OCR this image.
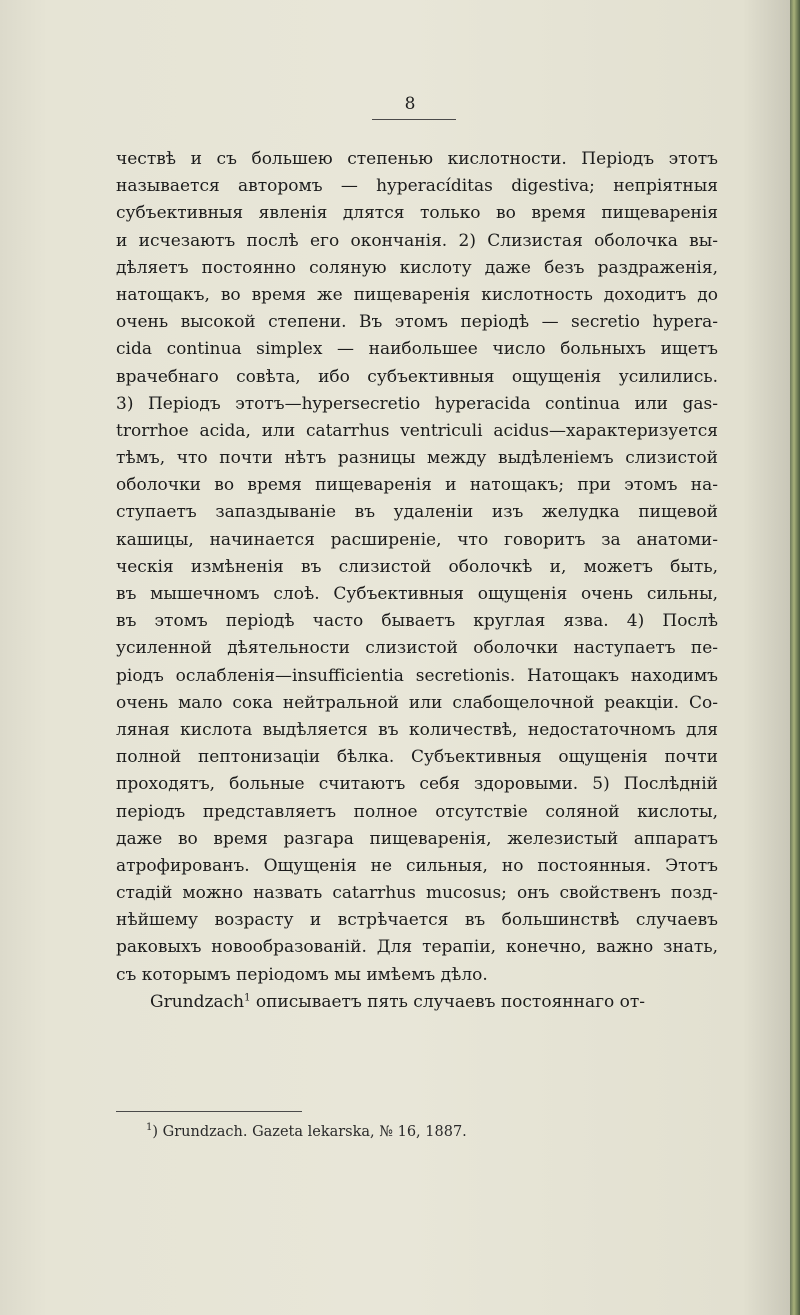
8
чествѣ и съ большею степенью кислотности. Періодъ этотъ
называется авторомъ — hyperacíditas digestiva; непріятныя
субъективныя явленія длятся только во время пищеваренія
и исчезаютъ послѣ его окончанія. 2) Слизистая оболочка вы-
дѣляетъ постоянно соляную кислоту даже безъ раздраженія,
натощакъ, во время же пищеваренія кислотность доходитъ до
очень высокой степени. Въ этомъ періодѣ — secretio hypera-
cida continua simplex — наибольшее число больныхъ ищетъ
врачебнаго совѣта, ибо субъективныя ощущенія усилились.
3) Періодъ этотъ—hypersecretio hyperacida continua или gas-
trorrhoe acida, или catarrhus ventriculi acidus—характеризуется
тѣмъ, что почти нѣтъ разницы между выдѣленіемъ слизистой
оболочки во время пищеваренія и натощакъ; при этомъ на-
ступаетъ запаздываніе въ удаленіи изъ желудка пищевой
кашицы, начинается расширеніе, что говоритъ за анатоми-
ческія измѣненія въ слизистой оболочкѣ и, можетъ быть,
въ мышечномъ слоѣ. Субъективныя ощущенія очень сильны,
въ этомъ періодѣ часто бываетъ круглая язва. 4) Послѣ
усиленной дѣятельности слизистой оболочки наступаетъ пе-
ріодъ ослабленія—insufficientia secretionis. Натощакъ находимъ
очень мало сока нейтральной или слабощелочной реакціи. Со-
ляная кислота выдѣляется въ количествѣ, недостаточномъ для
полной пептонизаціи бѣлка. Субъективныя ощущенія почти
проходятъ, больные считаютъ себя здоровыми. 5) Послѣдній
періодъ представляетъ полное отсутствіе соляной кислоты,
даже во время разгара пищеваренія, железистый аппаратъ
атрофированъ. Ощущенія не сильныя, но постоянныя. Этотъ
стадій можно назвать catarrhus mucosus; онъ свойственъ позд-
нѣйшему возрасту и встрѣчается въ большинствѣ случаевъ
раковыхъ новообразованій. Для терапіи, конечно, важно знать,
съ которымъ періодомъ мы имѣемъ дѣло.
Grundzach$^1$ описываетъ пять случаевъ постояннаго от-
$^1$) Grundzach. Gazeta lekarska, № 16, 1887.
